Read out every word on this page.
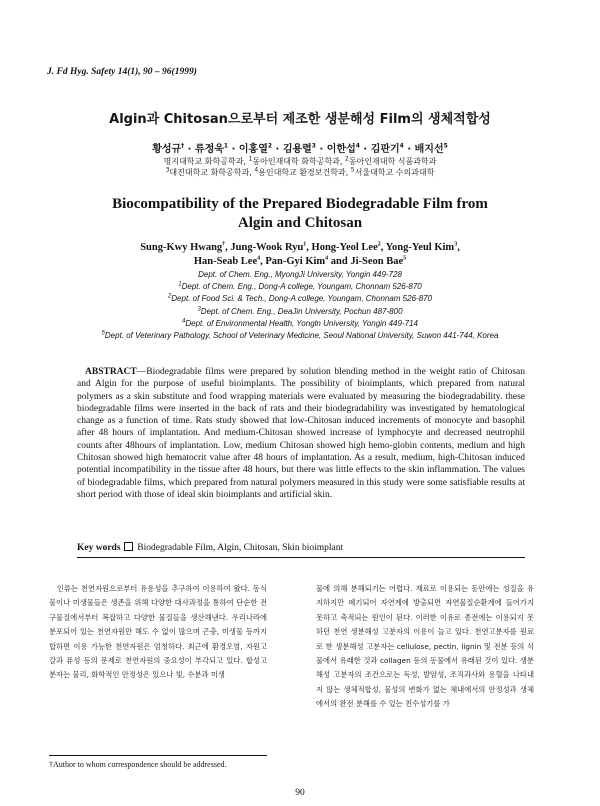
J. Fd Hyg. Safety 14(1), 90 – 96(1999)
Algin과 Chitosan으로부터 제조한 생분해성 Film의 생체적합성
황성규† · 류정욱$^1$ · 이홍열$^2$ · 김용렬$^3$ · 이한섭$^4$ · 김판기$^4$ · 배지선$^5$
명지대학교 화학공학과, $^1$동아인재대학 화학공학과, $^2$동아인재대학 식품과학과
$^3$대진대학교 화학공학과, $^4$용인대학교 환경보건학과, $^5$서울대학교 수의과대학
Biocompatibility of the Prepared Biodegradable Film from
Algin and Chitosan
Sung-Kwy Hwang†, Jung-Wook Ryu$^1$, Hong-Yeol Lee$^2$, Yong-Yeul Kim$^3$,
Han-Seab Lee$^4$, Pan-Gyi Kim$^4$ and Ji-Seon Bae$^5$
Dept. of Chem. Eng., MyongJi University, Yongin 449-728
$^1$Dept. of Chem. Eng., Dong-A college, Youngam, Chonnam 526-870
$^2$Dept. of Food Sci. & Tech., Dong-A college, Youngam, Chonnam 526-870
$^3$Dept. of Chem. Eng., DeaJin University, Pochun 487-800
$^4$Dept. of Environmental Health, Yongln University, Yongin 449-714
$^5$Dept. of Veterinary Pathology, School of Veterinary Medicine, Seoul National University, Suwon 441-744, Korea
ABSTRACT—Biodegradable films were prepared by solution blending method in the weight ratio of Chitosan and Algin for the purpose of useful bioimplants. The possibility of bioimplants, which prepared from natural polymers as a skin substitute and food wrapping materials were evaluated by measuring the biodegradability. these biodegradable films were inserted in the back of rats and their biodegradability was investigated by hematological change as a function of time. Rats study showed that low-Chitosan induced increments of monocyte and basophil after 48 hours of implantation. And medium-Chitosan showed increase of lymphocyte and decreased neutrophil counts after 48hours of implantation. Low, medium Chitosan showed high hemo-globin contents, medium and high Chitosan showed high hematocrit value after 48 hours of implantation. As a result, medium, high-Chitosan induced potential incompatibility in the tissue after 48 hours, but there was little effects to the skin inflammation. The values of biodegradable films, which prepared from natural polymers measured in this study were some satisfiable results at short period with those of ideal skin bioimplants and artificial skin.
Key words Biodegradable Film, Algin, Chitosan, Skin bioimplant

　인류는 천연자원으로부터 유용성을 추구하여 이용하여 왔다. 동식물이나 미생물들은 생존을 위해 다양한 대사과정을 통하여 단순한 전구물질에서부터 복잡하고 다양한 물질들을 생산해낸다. 우리나라에 분포되어 있는 천연자원만 해도 수 없이 많으며 곤충, 미생물 등까지 합하면 이용 가능한 천연자원은 엄청하다. 최근에 환경오염, 자원고갈과 퓨성 등의 문제로 천연자원의 중요성이 부각되고 있다. 합성고분자는 물리, 화학적인 안정성은 있으나 빛, 수분과 미생

물에 의해 분해되기는 어렵다. 재료로 이용되는 동안에는 성질을 유지하지만 폐기되어 자연계에 방출되면 자연물질순환계에 들어가지 못하고 축적되는 원인이 된다. 이러한 이유로 종전에는 이용되지 못하던 천연 생분해성 고분자의 이용이 늘고 있다. 천연고분자를 원료로 한 생분해성 고분자는 cellulose, pectin, lignin 및 전분 등의 식물에서 유래한 것과 collagen 등의 동물에서 유래된 것이 있다. 생분해성 고분자의 조건으로는 독성, 발암성, 조직과사와 용혈을 나타내지 않는 생체적합성, 물성의 변화가 없는 체내에서의 안정성과 생체에서의 완전 분해를 수 있는 친수성기를 가

†Author to whom correspondence should be addressed.
90
